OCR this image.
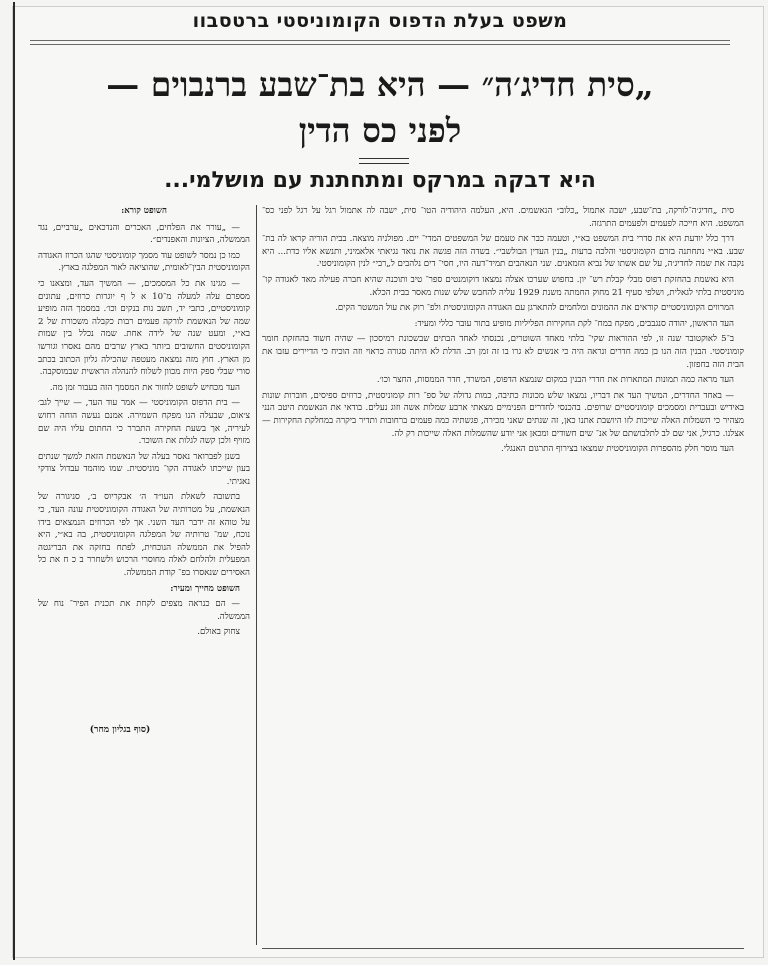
משפט בעלת הדפוס הקומוניסטי ברטסבוו
„סית חדיג׳ה״ — היא בת־שבע ברנבוים —
לפני כס הדין
היא דבקה במרקס ומתחתנת עם מושלמי...

סית „חדיג׳ה־לורקה, בת־שבע, ישבה אתמול „כלוב״ הנאשמים. היא, העלמה היהודיה הטו־ סית, ישבה לה אתמול רגל על רגל לפני כס־ המשפט. היא חייכה לפעמים ולפעמים התרגזה.

דרך כלל יודעת היא את סדרי בית המשפט בא״י, וטעמה כבר את טעמם של המשפטים המדי־ יים. מפולניה מוצאה. בבית הוריה קראו לה בת־ שבע. בא״י נתחתנה בזרם הקומוניסטי והלכה ברעות „בנין העדין הבולשבי״. בשדה הזה פגשה את נואד נגיאתי אלאמיני, ותנשא אליו כדת... היא נקבה את שמה לחדיג׳ה, על שם אשתו של נביא הזמאנים. שני הנאהבים תמיד־דעה היו, חסי־ דים נלהבים ל„רבי״ לנין הקומוניסטי.

היא נאשמת בהחזקת דפוס מבלי קבלת רש־ יון. בחפוש שערכו אצלה נמצאו דוקומנטים ספר־ טיב ותוכנה שהיא חברה פעילה מאד לאגודה קו־ מוניסטית בלתי לגאלית, ושלפי סעיף 21 מחוק החמתה משנת 1929 עליה להחבש שלש שנות מאסר בבית הכלא.

המרווים הקומוניסטיים קוראים את ההמונים ומלחמים להתארגן עם האגודה הקומוניסטית ולפ־ רוק את עול המשטר הקים.

העד הראשון, יהודה סנגבבים, מפקח במח־ לקת החקירות הפליליות מופיע בתור עובר כללי ומעיד:

ב־5 לאוקטובר שנה זו, לפי ההוראות שקי־ בלתי מאחד השוטרים, נכנסתי לאחד הבתים שבשכונת רמיסכון — שהיה חשוד בהחזקת חומר קומוניסטי. הבנין הזה הנו בן כמה חדרים ונראה היה כי אנשים לא גרו בו זה זמן רב. הדלת לא היתה סגורה כראוי וזה הוכיח כי הדיירים עזבו את הבית הזה בחפזון.

העד מראה כמה תמונות המתארות את חדרי הבנין במקום שנמצא הדפוס, המשרד, חדר הממסות, החצר וכו׳.

— באחד החדרים, המשיך העד את דבריו, נמצאו שלש מכונות כתיבה, כמות גדולה של ספ־ רות קומוניסטית, כרוזים ספיסים, חוברות שונות באידיש ובעברית ומסמכים קומוניסטיים שרופים. בהכנסי לחדרים הפנימיים מצאתי ארבע שמלות אשה וזוג נעלים. בודאי את הנאשמת היטב הנני מצהיר כי השמלות האלה שייכות לזו היושבת אתנו כאן, זה שנתים שאני מכירה, פגשתיה כמה פעמים ברחובות ותדיר ביקרה במחלקת החקירות — אצלנו. כרגיל, אני שם לב לתלבושתם של אנ־ שים חשודים ומכאן אני יודע שהשמלות האלה שייכות רק לה.

העד מוסר חלק מהספרות הקומוניסטית שמצאו בצירוף התרגום האנגלי.

השופט קורא:

— „עורר את הפלחים, האכרים והנדכאים „ערביים, נגד הממשלה, הציונות והאפנדים״.

כמו כן נמסר לשופט עוד מסמך קומוניסטי שהגו הכרוז האגודה הקומוניסטית הבין־לאומית, שהוציאה לאור המפלגה בארץ.

— מגינו את כל המסמכים, — המשיך העד, ומצאנו כי מספרם עלה למעלה מ־10 א ל ף יוגרות כרוזים, עתונים קומוניסטיים, כתבי יד, תשב נות בנקים וכו׳. במסמך הזה מופיע שמה של הנאשמת לורקה פעמים רבות כקבלה משכורת של 2 בא״י, ומעט שנה של לידה אחת. שמה נכלל בין שמות הקומוניסטים החשובים ביותר בארץ שרבים מהם נאסרו וגורשו מן הארץ. חוץ מזה נמצאה מעטפה שהכילה גליון הכתוב בכתב סורי שבלי ספק היות מכוון לשלוח להנהלה הראשית שבמוסקבה.

העד מכחיש לשופט לחזור את המסמך הזה בעבור זמן מה.

— בית הדפוס הקומוניסטי — אמר עוד העד, — שייך לגב׳ צ׳אום, שבעלה הנו מפקח השמירה. אמנם נעשה הוחה רחוש לעיריה, אך בשעת החקירה התברר כי החתום עליו היה שם מזויף ולכן קשה לגלות את השוכר.

בשנן לפברואר נאסר בעלה של הנאשמת הזאת למשך שנתים בעון שייכתו לאגודה הקו־ מוניסטית. שמו מוהמד עבדול צודקי נאגיתי.

בתשובה לשאלת העו״ד ה׳ אבקריוס ב׳, סניגורה של הנאשמת, על מטרותיה של האגודה הקומוניסטית עונה העד, כי על טוהא זה ידבר העד השני. אך לפי הכרוזים הנמצאים בידו נוכח, שמ־ טרותיה של המפלגה הקומוניסטית, בה בא״י, היא להפיל את הממשלה הנוכחית, לפתח בחזקה את הבריגטה המפעלית ולהלחם לאלה מחוסרי הרכוש ולשחרר ב כ ח את כל האסירים שנאסרו בפ־ קודת הממשלה.

השופט מחייך ומעיר:

— הם כנראה מצפים לקחת את תכנית הפיר־ נוח של הממשלה.

צחוק באולם.

(סוף בגליון מחר)
